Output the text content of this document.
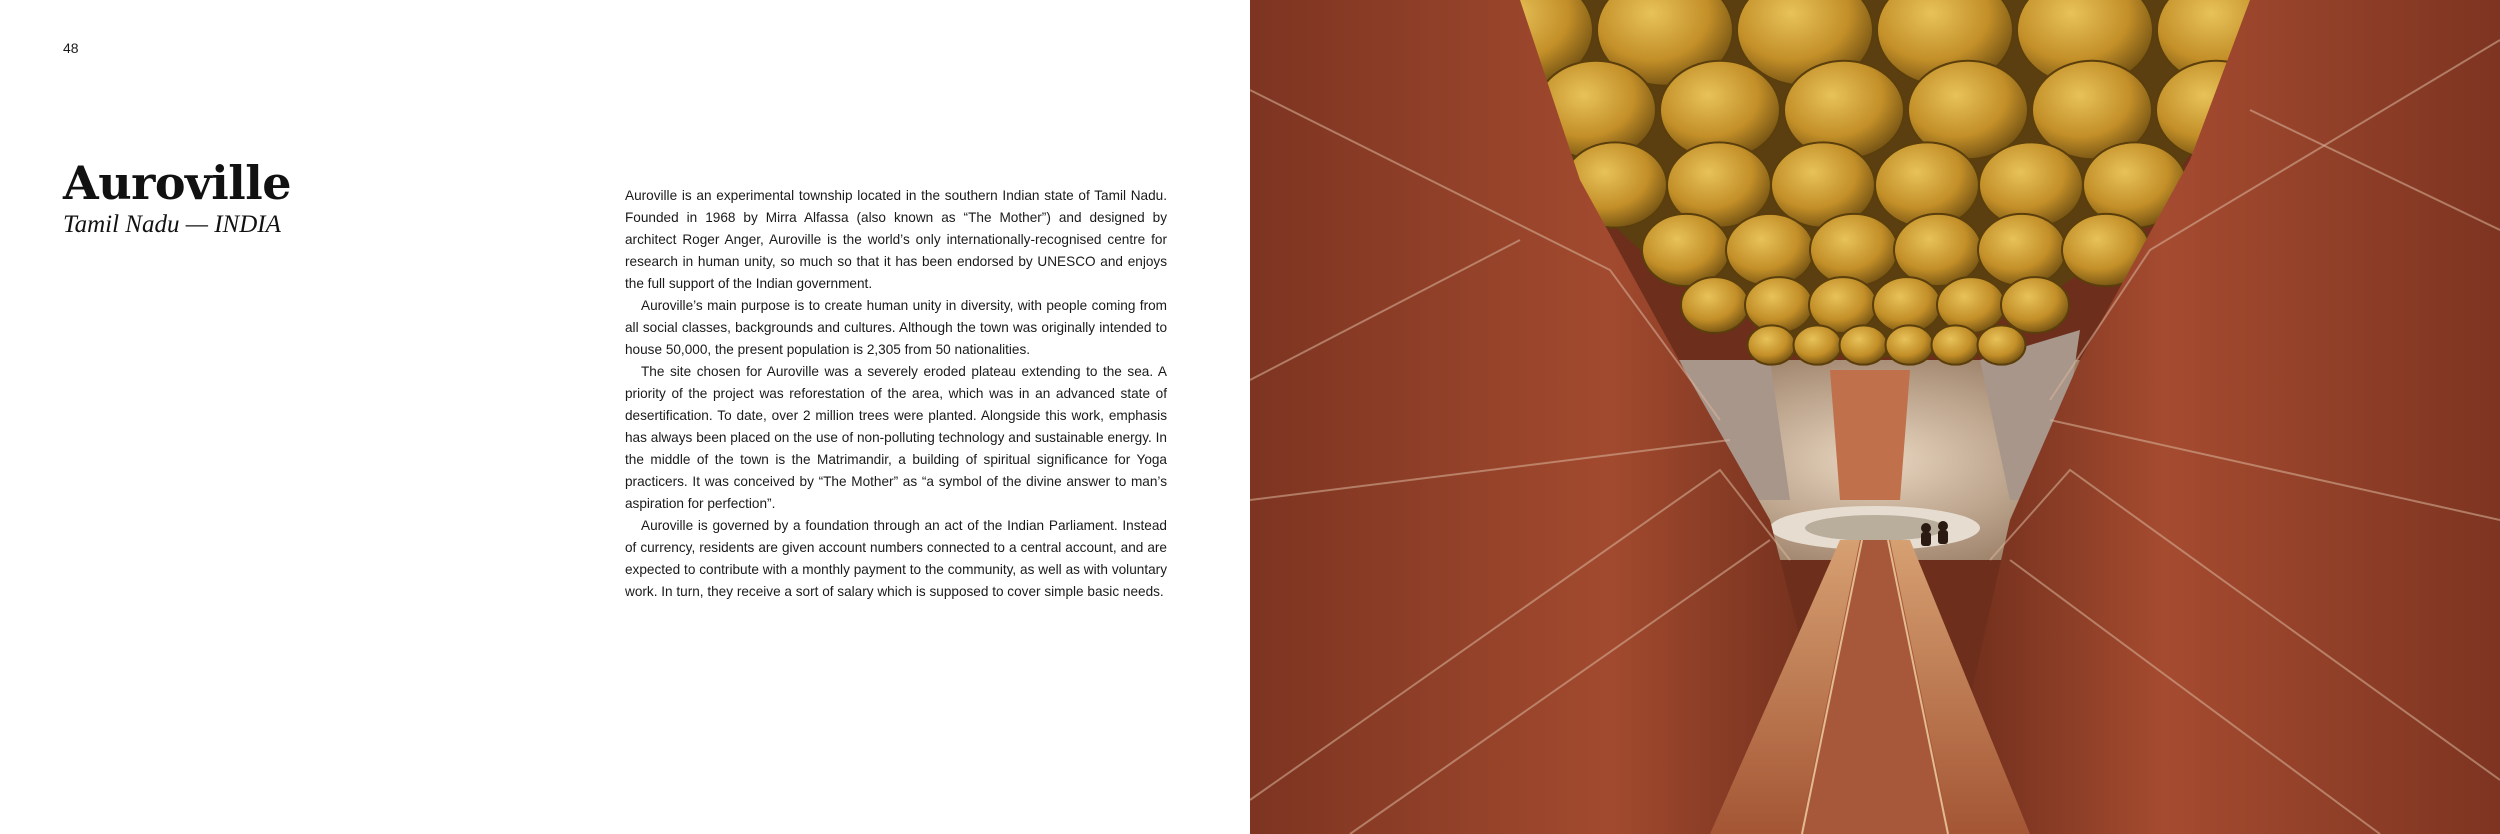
48
Auroville
Tamil Nadu — INDIA

Auroville is an experimental township located in the southern Indian state of Tamil Nadu. Founded in 1968 by Mirra Alfassa (also known as “The Mother”) and designed by architect Roger Anger, Auroville is the world’s only internationally-recognised centre for research in human unity, so much so that it has been endorsed by UNESCO and enjoys the full support of the Indian government.

Auroville’s main purpose is to create human unity in diversity, with people coming from all social classes, backgrounds and cultures. Although the town was originally intended to house 50,000, the present population is 2,305 from 50 nationalities.

The site chosen for Auroville was a severely eroded plateau extending to the sea. A priority of the project was reforestation of the area, which was in an advanced state of desertification. To date, over 2 million trees were planted. Alongside this work, emphasis has always been placed on the use of non-polluting technology and sustainable energy. In the middle of the town is the Matrimandir, a building of spiritual significance for Yoga practicers. It was conceived by “The Mother” as “a symbol of the divine answer to man’s aspiration for perfection”.

Auroville is governed by a foundation through an act of the Indian Parliament. Instead of currency, residents are given account numbers connected to a central account, and are expected to contribute with a monthly payment to the community, as well as with voluntary work. In turn, they receive a sort of salary which is supposed to cover simple basic needs.
